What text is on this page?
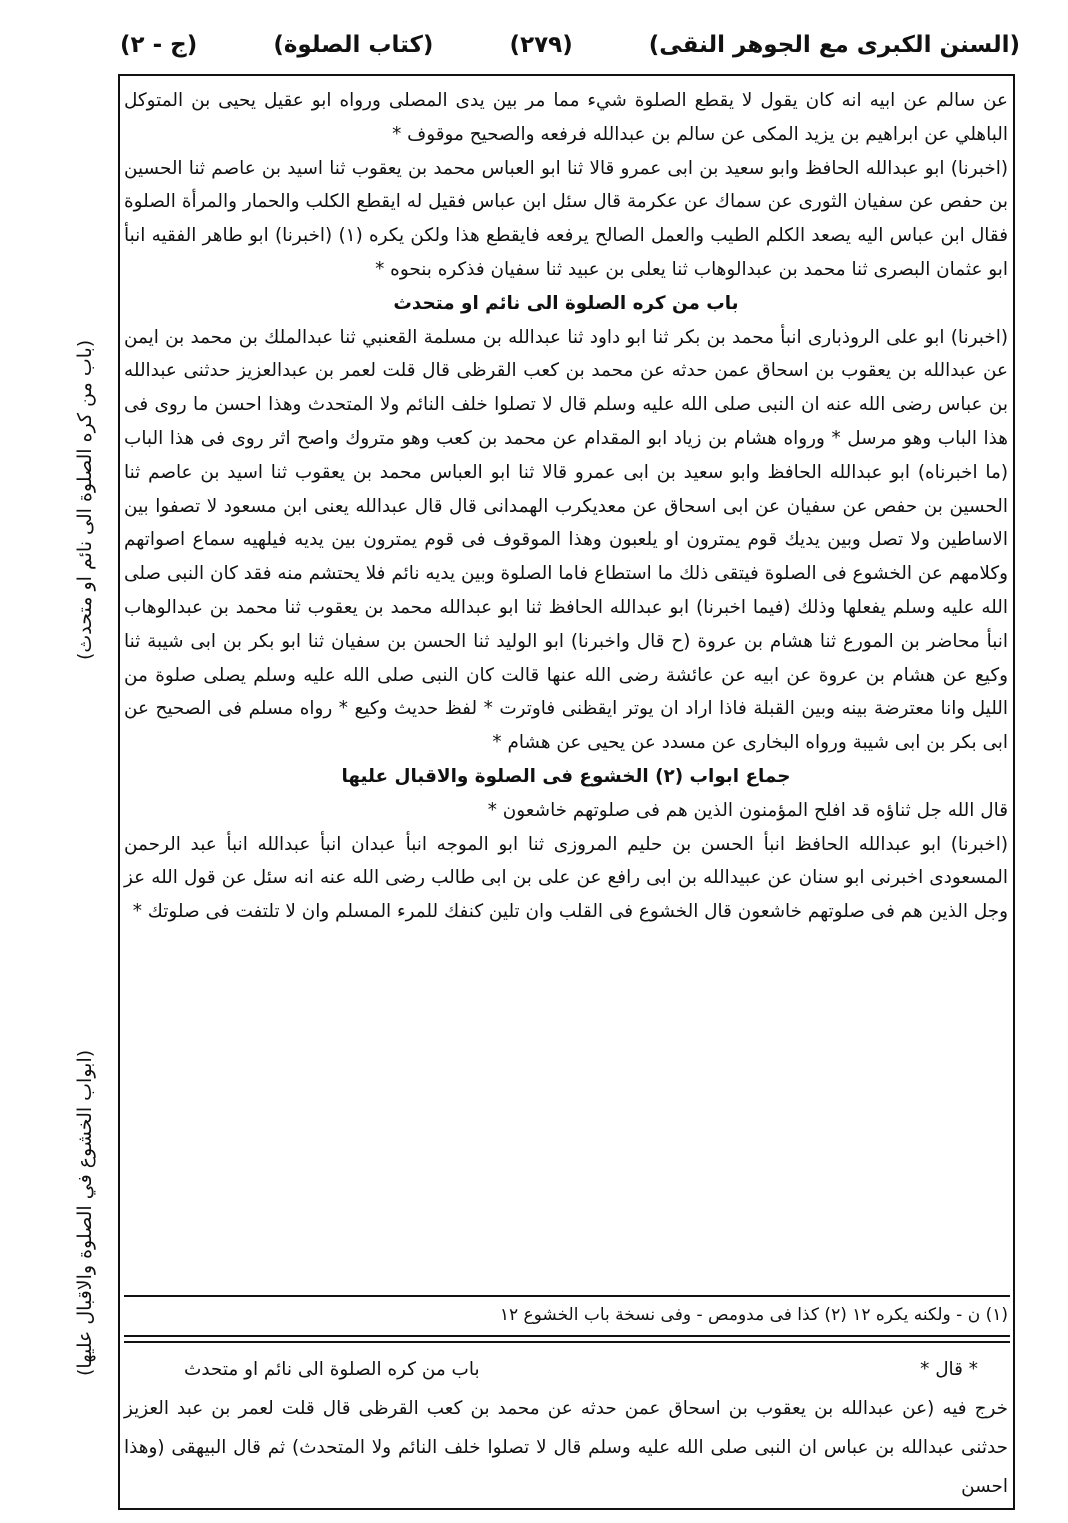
(السنن الكبرى مع الجوهر النقى)
(٢٧٩)
(كتاب الصلوة)
(ج - ٢)
(باب من كره الصلوة الى نائم او متحدث)
(ابواب الخشوع في الصلوة والاقبال عليها)

عن سالم عن ابيه انه كان يقول لا يقطع الصلوة شيء مما مر بين يدى المصلى ورواه ابو عقيل يحيى بن المتوكل الباهلي عن ابراهيم بن يزيد المكى عن سالم بن عبدالله فرفعه والصحيح موقوف *

(اخبرنا) ابو عبدالله الحافظ وابو سعيد بن ابى عمرو قالا ثنا ابو العباس محمد بن يعقوب ثنا اسيد بن عاصم ثنا الحسين بن حفص عن سفيان الثورى عن سماك عن عكرمة قال سئل ابن عباس فقيل له ايقطع الكلب والحمار والمرأة الصلوة فقال ابن عباس اليه يصعد الكلم الطيب والعمل الصالح يرفعه فايقطع هذا ولكن يكره (١) (اخبرنا) ابو طاهر الفقيه انبأ ابو عثمان البصرى ثنا محمد بن عبدالوهاب ثنا يعلى بن عبيد ثنا سفيان فذكره بنحوه *

باب من كره الصلوة الى نائم او متحدث

(اخبرنا) ابو على الروذبارى انبأ محمد بن بكر ثنا ابو داود ثنا عبدالله بن مسلمة القعنبي ثنا عبدالملك بن محمد بن ايمن عن عبدالله بن يعقوب بن اسحاق عمن حدثه عن محمد بن كعب القرظى قال قلت لعمر بن عبدالعزيز حدثنى عبدالله بن عباس رضى الله عنه ان النبى صلى الله عليه وسلم قال لا تصلوا خلف النائم ولا المتحدث وهذا احسن ما روى فى هذا الباب وهو مرسل * ورواه هشام بن زياد ابو المقدام عن محمد بن كعب وهو متروك واصح اثر روى فى هذا الباب (ما اخبرناه) ابو عبدالله الحافظ وابو سعيد بن ابى عمرو قالا ثنا ابو العباس محمد بن يعقوب ثنا اسيد بن عاصم ثنا الحسين بن حفص عن سفيان عن ابى اسحاق عن معديكرب الهمدانى قال قال عبدالله يعنى ابن مسعود لا تصفوا بين الاساطين ولا تصل وبين يديك قوم يمترون او يلعبون وهذا الموقوف فى قوم يمترون بين يديه فيلهيه سماع اصواتهم وكلامهم عن الخشوع فى الصلوة فيتقى ذلك ما استطاع فاما الصلوة وبين يديه نائم فلا يحتشم منه فقد كان النبى صلى الله عليه وسلم يفعلها وذلك (فيما اخبرنا) ابو عبدالله الحافظ ثنا ابو عبدالله محمد بن يعقوب ثنا محمد بن عبدالوهاب انبأ محاضر بن المورع ثنا هشام بن عروة (ح قال واخبرنا) ابو الوليد ثنا الحسن بن سفيان ثنا ابو بكر بن ابى شيبة ثنا وكيع عن هشام بن عروة عن ابيه عن عائشة رضى الله عنها قالت كان النبى صلى الله عليه وسلم يصلى صلوة من الليل وانا معترضة بينه وبين القبلة فاذا اراد ان يوتر ايقظنى فاوترت * لفظ حديث وكيع * رواه مسلم فى الصحيح عن ابى بكر بن ابى شيبة ورواه البخارى عن مسدد عن يحيى عن هشام *

جماع ابواب (٢) الخشوع فى الصلوة والاقبال عليها

قال الله جل ثناؤه قد افلح المؤمنون الذين هم فى صلوتهم خاشعون *

(اخبرنا) ابو عبدالله الحافظ انبأ الحسن بن حليم المروزى ثنا ابو الموجه انبأ عبدان انبأ عبدالله انبأ عبد الرحمن المسعودى اخبرنى ابو سنان عن عبيدالله بن ابى رافع عن على بن ابى طالب رضى الله عنه انه سئل عن قول الله عز وجل الذين هم فى صلوتهم خاشعون قال الخشوع فى القلب وان تلين كنفك للمرء المسلم وان لا تلتفت فى صلوتك *

(١) ن - ولكنه يكره ١٢ (٢) كذا فى مدومص - وفى نسخة باب الخشوع ١٢
* قال *
باب من كره الصلوة الى نائم او متحدث

خرج فيه (عن عبدالله بن يعقوب بن اسحاق عمن حدثه عن محمد بن كعب القرظى قال قلت لعمر بن عبد العزيز حدثنى عبدالله بن عباس ان النبى صلى الله عليه وسلم قال لا تصلوا خلف النائم ولا المتحدث) ثم قال البيهقى (وهذا احسن
